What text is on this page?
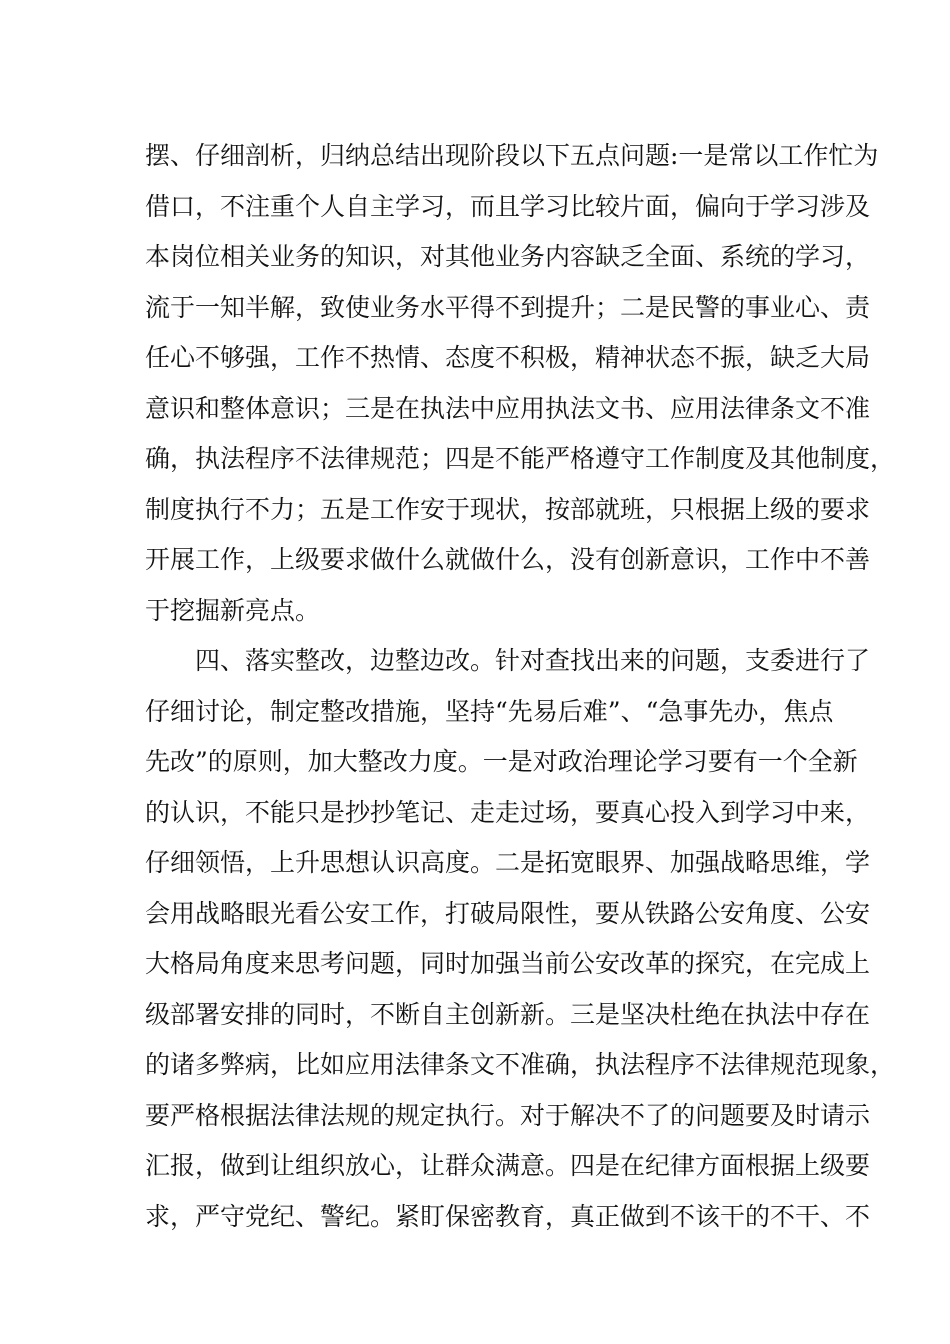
摆、仔细剖析，归纳总结出现阶段以下五点问题:一是常以工作忙为
借口，不注重个人自主学习，而且学习比较片面，偏向于学习涉及
本岗位相关业务的知识，对其他业务内容缺乏全面、系统的学习，
流于一知半解，致使业务水平得不到提升；二是民警的事业心、责
任心不够强，工作不热情、态度不积极，精神状态不振，缺乏大局
意识和整体意识；三是在执法中应用执法文书、应用法律条文不准
确，执法程序不法律规范；四是不能严格遵守工作制度及其他制度，
制度执行不力；五是工作安于现状，按部就班，只根据上级的要求
开展工作，上级要求做什么就做什么，没有创新意识，工作中不善
于挖掘新亮点。
四、落实整改，边整边改。针对查找出来的问题，支委进行了
仔细讨论，制定整改措施，坚持“先易后难”、“急事先办，焦点
先改”的原则，加大整改力度。一是对政治理论学习要有一个全新
的认识，不能只是抄抄笔记、走走过场，要真心投入到学习中来，
仔细领悟，上升思想认识高度。二是拓宽眼界、加强战略思维，学
会用战略眼光看公安工作，打破局限性，要从铁路公安角度、公安
大格局角度来思考问题，同时加强当前公安改革的探究，在完成上
级部署安排的同时，不断自主创新新。三是坚决杜绝在执法中存在
的诸多弊病，比如应用法律条文不准确，执法程序不法律规范现象，
要严格根据法律法规的规定执行。对于解决不了的问题要及时请示
汇报，做到让组织放心，让群众满意。四是在纪律方面根据上级要
求，严守党纪、警纪。紧盯保密教育，真正做到不该干的不干、不
